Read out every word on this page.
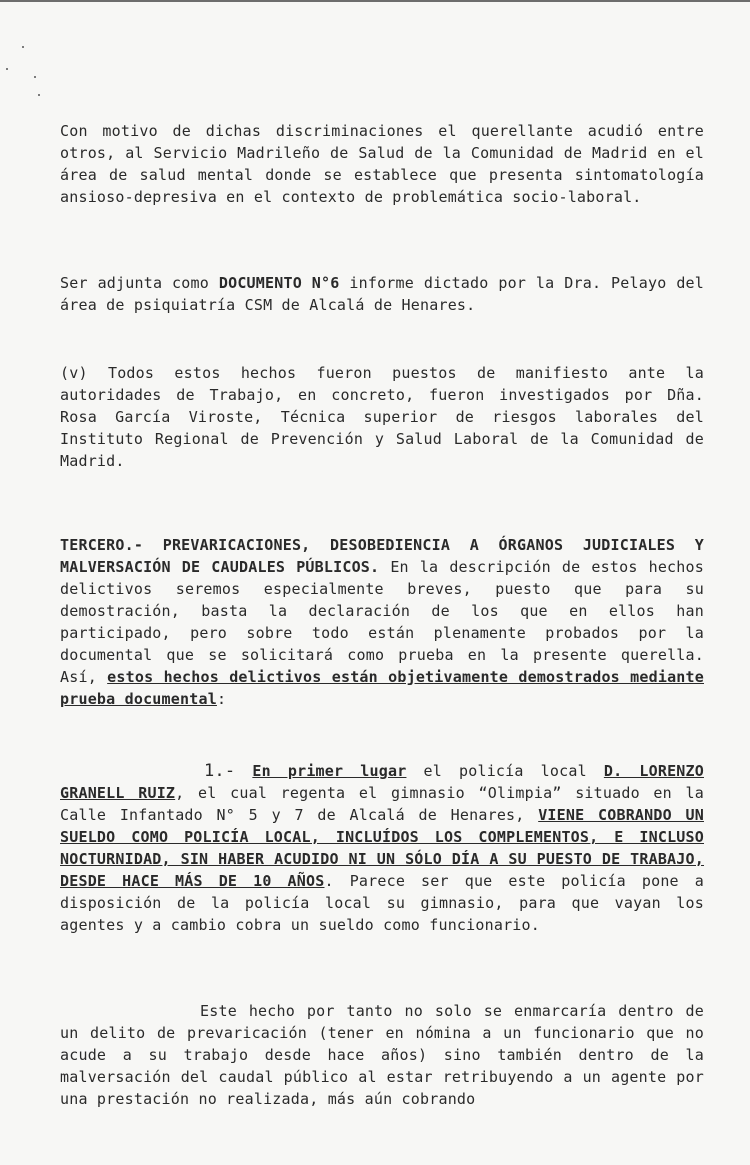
Con motivo de dichas discriminaciones el querellante acudió entre otros, al Servicio Madrileño de Salud de la Comunidad de Madrid en el área de salud mental donde se establece que presenta sintomatología ansioso-depresiva en el contexto de problemática socio-laboral.

Ser adjunta como DOCUMENTO N°6 informe dictado por la Dra. Pelayo del área de psiquiatría CSM de Alcalá de Henares.

(v) Todos estos hechos fueron puestos de manifiesto ante la autoridades de Trabajo, en concreto, fueron investigados por Dña. Rosa García Viroste, Técnica superior de riesgos laborales del Instituto Regional de Prevención y Salud Laboral de la Comunidad de Madrid.

TERCERO.- PREVARICACIONES, DESOBEDIENCIA A ÓRGANOS JUDICIALES Y MALVERSACIÓN DE CAUDALES PÚBLICOS. En la descripción de estos hechos delictivos seremos especialmente breves, puesto que para su demostración, basta la declaración de los que en ellos han participado, pero sobre todo están plenamente probados por la documental que se solicitará como prueba en la presente querella. Así, estos hechos delictivos están objetivamente demostrados mediante prueba documental:

1.- En primer lugar el policía local D. LORENZO GRANELL RUIZ, el cual regenta el gimnasio “Olimpia” situado en la Calle Infantado N° 5 y 7 de Alcalá de Henares, VIENE COBRANDO UN SUELDO COMO POLICÍA LOCAL, INCLUÍDOS LOS COMPLEMENTOS, E INCLUSO NOCTURNIDAD, SIN HABER ACUDIDO NI UN SÓLO DÍA A SU PUESTO DE TRABAJO, DESDE HACE MÁS DE 10 AÑOS. Parece ser que este policía pone a disposición de la policía local su gimnasio, para que vayan los agentes y a cambio cobra un sueldo como funcionario.

Este hecho por tanto no solo se enmarcaría dentro de un delito de prevaricación (tener en nómina a un funcionario que no acude a su trabajo desde hace años) sino también dentro de la malversación del caudal público al estar retribuyendo a un agente por una prestación no realizada, más aún cobrando
